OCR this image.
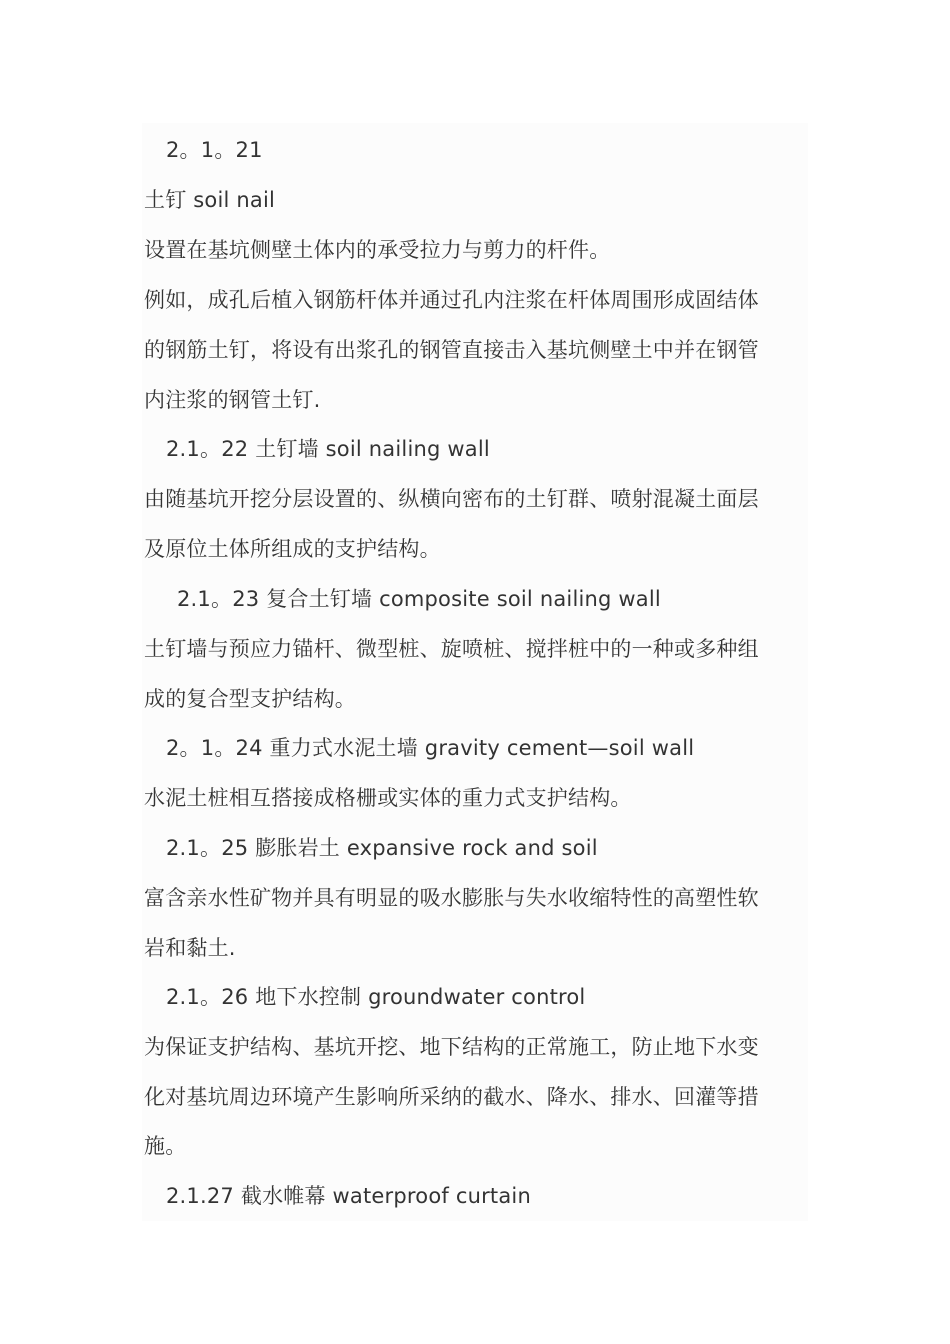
2。1。21
土钉 soil nail
设置在基坑侧壁土体内的承受拉力与剪力的杆件。
例如，成孔后植入钢筋杆体并通过孔内注浆在杆体周围形成固结体
的钢筋土钉，将设有出浆孔的钢管直接击入基坑侧壁土中并在钢管
内注浆的钢管土钉.
2.1。22 土钉墙 soil nailing wall
由随基坑开挖分层设置的、纵横向密布的土钉群、喷射混凝土面层
及原位土体所组成的支护结构。
2.1。23 复合土钉墙 composite soil nailing wall
土钉墙与预应力锚杆、微型桩、旋喷桩、搅拌桩中的一种或多种组
成的复合型支护结构。
2。1。24 重力式水泥土墙 gravity cement—soil wall
水泥土桩相互搭接成格栅或实体的重力式支护结构。
2.1。25 膨胀岩土 expansive rock and soil
富含亲水性矿物并具有明显的吸水膨胀与失水收缩特性的高塑性软
岩和黏土.
2.1。26 地下水控制 groundwater control
为保证支护结构、基坑开挖、地下结构的正常施工，防止地下水变
化对基坑周边环境产生影响所采纳的截水、降水、排水、回灌等措
施。
2.1.27 截水帷幕 waterproof curtain
